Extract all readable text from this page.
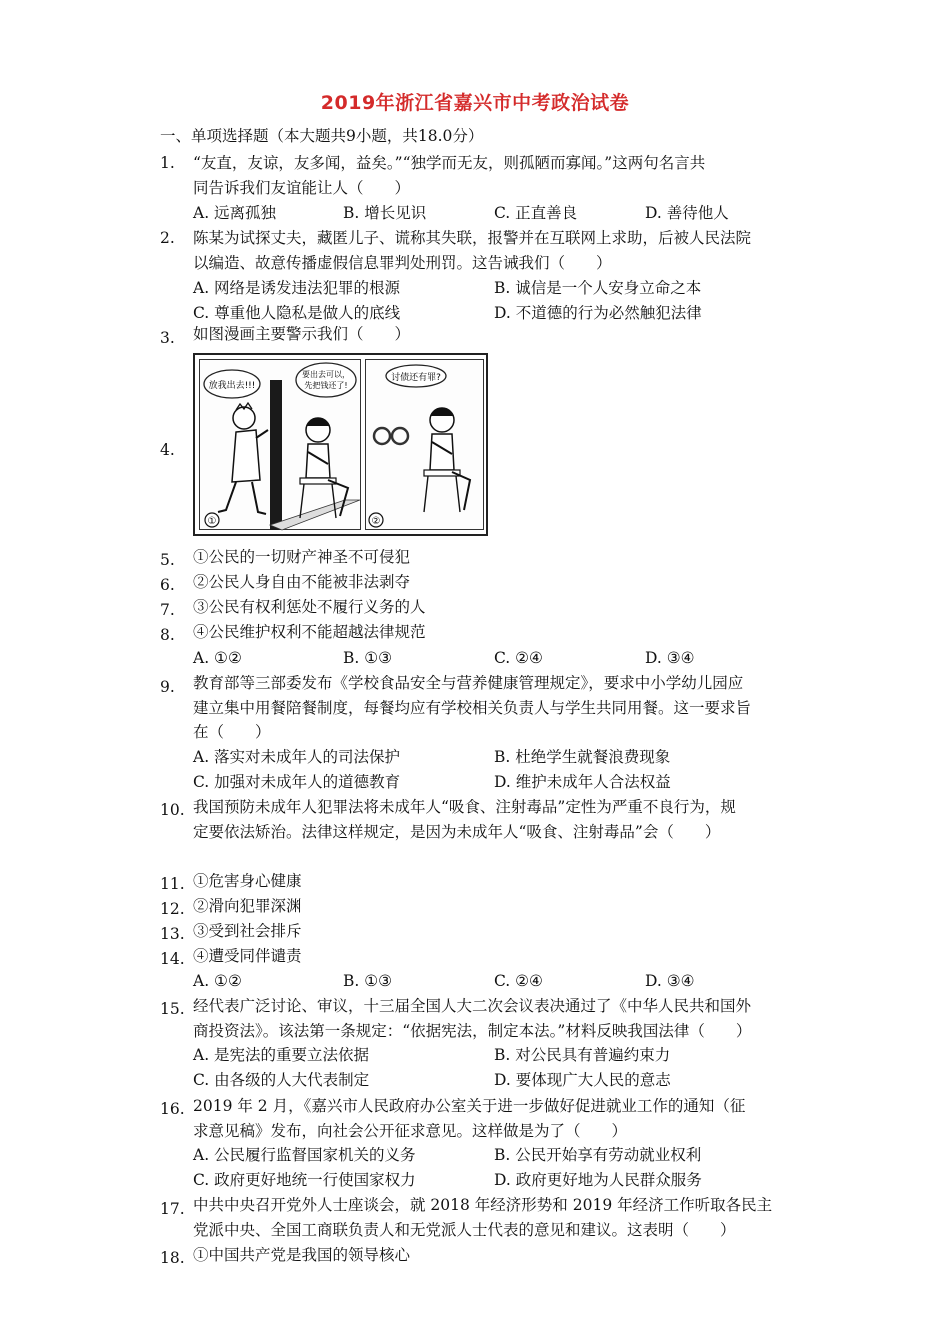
2019年浙江省嘉兴市中考政治试卷
一、单项选择题（本大题共9小题，共18.0分）
1. “友直，友谅，友多闻，益矣。”“独学而无友，则孤陋而寡闻。”这两句名言共
同告诉我们友谊能让人（　　）
A. 远离孤独	B. 增长见识	C. 正直善良	D. 善待他人
2. 陈某为试探丈夫，藏匿儿子、谎称其失联，报警并在互联网上求助，后被人民法院
以编造、故意传播虚假信息罪判处刑罚。这告诫我们（　　）
A. 网络是诱发违法犯罪的根源	B. 诚信是一个人安身立命之本
C. 尊重他人隐私是做人的底线	D. 不道德的行为必然触犯法律
3. 如图漫画主要警示我们（　　）
4.
放我出去!!!
要出去可以，
先把钱还了!
①
讨债还有罪?
②
5. ①公民的一切财产神圣不可侵犯
6. ②公民人身自由不能被非法剥夺
7. ③公民有权利惩处不履行义务的人
8. ④公民维护权利不能超越法律规范
A. ①②	B. ①③	C. ②④	D. ③④
9. 教育部等三部委发布《学校食品安全与营养健康管理规定》，要求中小学幼儿园应
建立集中用餐陪餐制度，每餐均应有学校相关负责人与学生共同用餐。这一要求旨
在（　　）
A. 落实对未成年人的司法保护	B. 杜绝学生就餐浪费现象
C. 加强对未成年人的道德教育	D. 维护未成年人合法权益
10. 我国预防未成年人犯罪法将未成年人“吸食、注射毒品”定性为严重不良行为，规
定要依法矫治。法律这样规定，是因为未成年人“吸食、注射毒品”会（　　）
11. ①危害身心健康
12. ②滑向犯罪深渊
13. ③受到社会排斥
14. ④遭受同伴谴责
A. ①②	B. ①③	C. ②④	D. ③④
15. 经代表广泛讨论、审议，十三届全国人大二次会议表决通过了《中华人民共和国外
商投资法》。该法第一条规定：“依据宪法，制定本法。”材料反映我国法律（　　）
A. 是宪法的重要立法依据	B. 对公民具有普遍约束力
C. 由各级的人大代表制定	D. 要体现广大人民的意志
16. 2019 年 2 月，《嘉兴市人民政府办公室关于进一步做好促进就业工作的通知（征
求意见稿》发布，向社会公开征求意见。这样做是为了（　　）
A. 公民履行监督国家机关的义务	B. 公民开始享有劳动就业权利
C. 政府更好地统一行使国家权力	D. 政府更好地为人民群众服务
17. 中共中央召开党外人士座谈会，就 2018 年经济形势和 2019 年经济工作听取各民主
党派中央、全国工商联负责人和无党派人士代表的意见和建议。这表明（　　）
18. ①中国共产党是我国的领导核心
